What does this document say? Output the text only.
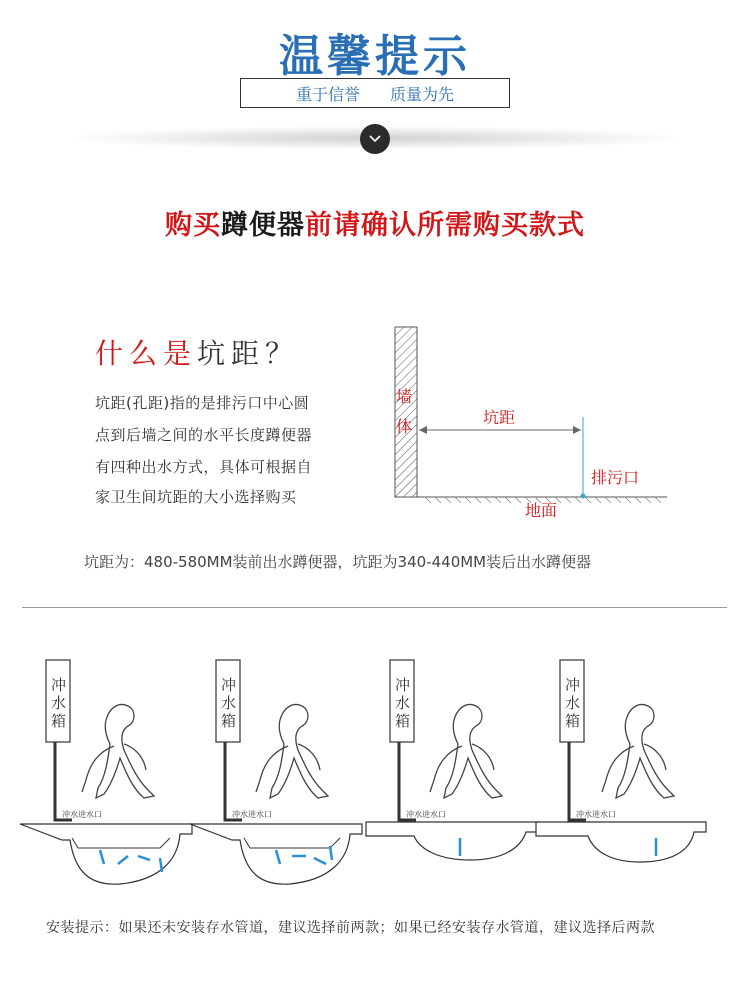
温馨提示
重于信誉 质量为先
购买蹲便器前请确认所需购买款式
什么是坑距？
坑距(孔距)指的是排污口中心圆
点到后墙之间的水平长度蹲便器
有四种出水方式，具体可根据自
家卫生间坑距的大小选择购买
墙
体	坑距
排污口
地面
坑距为：480-580MM装前出水蹲便器，坑距为340-440MM装后出水蹲便器
冲
水
箱
冲水进水口
冲
水
箱
冲水进水口
冲
水
箱
冲水进水口
冲
水
箱
冲水进水口
安装提示：如果还未安装存水管道，建议选择前两款；如果已经安装存水管道，建议选择后两款
